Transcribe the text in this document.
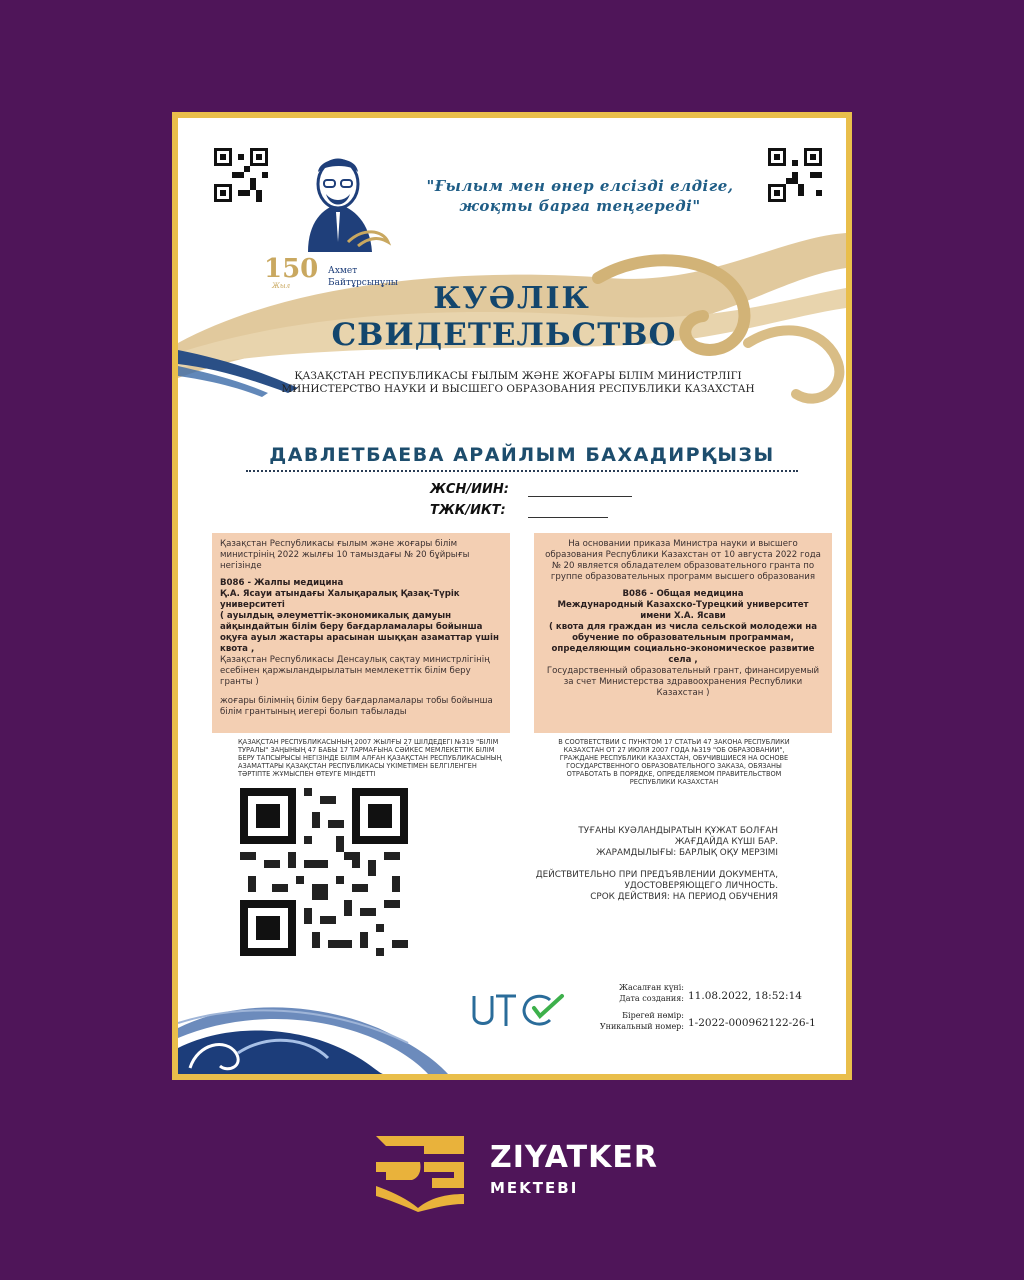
150
Жыл
Ахмет
Байтұрсынұлы
"Ғылым мен өнер елсізді елдіге,
жоқты барға теңгереді"
КУӘЛІК
СВИДЕТЕЛЬСТВО
ҚАЗАҚСТАН РЕСПУБЛИКАСЫ ҒЫЛЫМ ЖӘНЕ ЖОҒАРЫ БІЛІМ МИНИСТРЛІГІ
МИНИСТЕРСТВО НАУКИ И ВЫСШЕГО ОБРАЗОВАНИЯ РЕСПУБЛИКИ КАЗАХСТАН
ДАВЛЕТБАЕВА АРАЙЛЫМ БАХАДИРҚЫЗЫ
ЖСН/ИИН:
ТЖК/ИКТ:

Қазақстан Республикасы ғылым және жоғары білім министрінің 2022 жылғы 10 тамыздағы № 20 бұйрығы негізінде

В086 - Жалпы медицина
Қ.А. Ясауи атындағы Халықаралық Қазақ-Түрік университеті
( ауылдың әлеуметтік-экономикалық дамуын айқындайтын білім беру бағдарламалары бойынша оқуға ауыл жастары арасынан шыққан азаматтар үшін квота ,

Қазақстан Республикасы Денсаулық сақтау министрлігінің есебінен қаржыландырылатын мемлекеттік білім беру гранты )

жоғары білімнің білім беру бағдарламалары тобы бойынша білім грантының иегері болып табылады

На основании приказа Министра науки и высшего образования Республики Казахстан от 10 августа 2022 года № 20 является обладателем образовательного гранта по группе образовательных программ высшего образования

В086 - Общая медицина
Международный Казахско-Турецкий университет имени Х.А. Ясави
( квота для граждан из числа сельской молодежи на обучение по образовательным программам, определяющим социально-экономическое развитие села ,

Государственный образовательный грант, финансируемый за счет Министерства здравоохранения Республики Казахстан )

ҚАЗАҚСТАН РЕСПУБЛИКАСЫНЫҢ 2007 ЖЫЛҒЫ 27 ШІЛДЕДЕГІ №319 "БІЛІМ ТУРАЛЫ" ЗАҢЫНЫҢ 47 БАБЫ 17 ТАРМАҒЫНА СӘЙКЕС МЕМЛЕКЕТТІК БІЛІМ БЕРУ ТАПСЫРЫСЫ НЕГІЗІНДЕ БІЛІМ АЛҒАН ҚАЗАҚСТАН РЕСПУБЛИКАСЫНЫҢ АЗАМАТТАРЫ ҚАЗАҚСТАН РЕСПУБЛИКАСЫ ҮКІМЕТІМЕН БЕЛГІЛЕНГЕН ТӘРТІПТЕ ЖҰМЫСПЕН ӨТЕУГЕ МІНДЕТТІ
В СООТВЕТСТВИИ С ПУНКТОМ 17 СТАТЬИ 47 ЗАКОНА РЕСПУБЛИКИ КАЗАХСТАН ОТ 27 ИЮЛЯ 2007 ГОДА №319 "ОБ ОБРАЗОВАНИИ", ГРАЖДАНЕ РЕСПУБЛИКИ КАЗАХСТАН, ОБУЧИВШИЕСЯ НА ОСНОВЕ ГОСУДАРСТВЕННОГО ОБРАЗОВАТЕЛЬНОГО ЗАКАЗА, ОБЯЗАНЫ ОТРАБОТАТЬ В ПОРЯДКЕ, ОПРЕДЕЛЯЕМОМ ПРАВИТЕЛЬСТВОМ РЕСПУБЛИКИ КАЗАХСТАН
ТУҒАНЫ КУӘЛАНДЫРАТЫН ҚҰЖАТ БОЛҒАН
ЖАҒДАЙДА КҮШІ БАР.
ЖАРАМДЫЛЫҒЫ: БАРЛЫҚ ОҚУ МЕРЗІМІ
ДЕЙСТВИТЕЛЬНО ПРИ ПРЕДЪЯВЛЕНИИ ДОКУМЕНТА,
УДОСТОВЕРЯЮЩЕГО ЛИЧНОСТЬ.
СРОК ДЕЙСТВИЯ: НА ПЕРИОД ОБУЧЕНИЯ
Жасалған күні:
Дата создания: 11.08.2022, 18:52:14
Бірегей нөмір:
Уникальный номер: 1-2022-000962122-26-1
ZIYATKER
MEKTEBI
